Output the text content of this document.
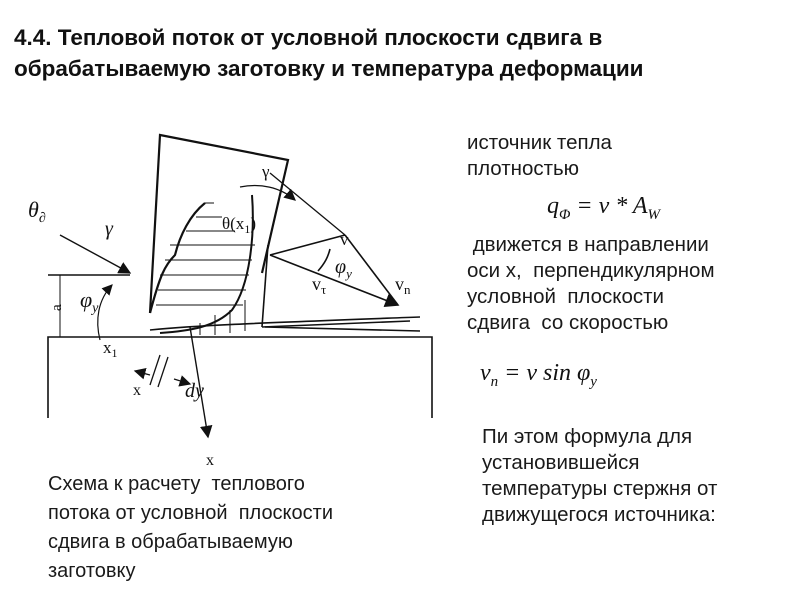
4.4. Тепловой поток от условной плоскости сдвига в
обрабатываемую заготовку и температура деформации
источник тепла
плотностью
$q_\Phi = v * A_W$
движется в направлении
оси х,  перпендикулярном
условной  плоскости
сдвига  со скоростью
$v_n = v$ $\sin \varphi_y$
Пи этом формула для
установившейся
температуры стержня от
движущегося источника:
Схема к расчету  теплового
потока от условной  плоскости
сдвига в обрабатываемую
заготовку
$\theta_\partial$	γ
$\varphi_y$
$x_1$
a
x dy
x
$\theta(x_1)$
γ
v
$v_\tau$
$\varphi_y$
$v_n$
